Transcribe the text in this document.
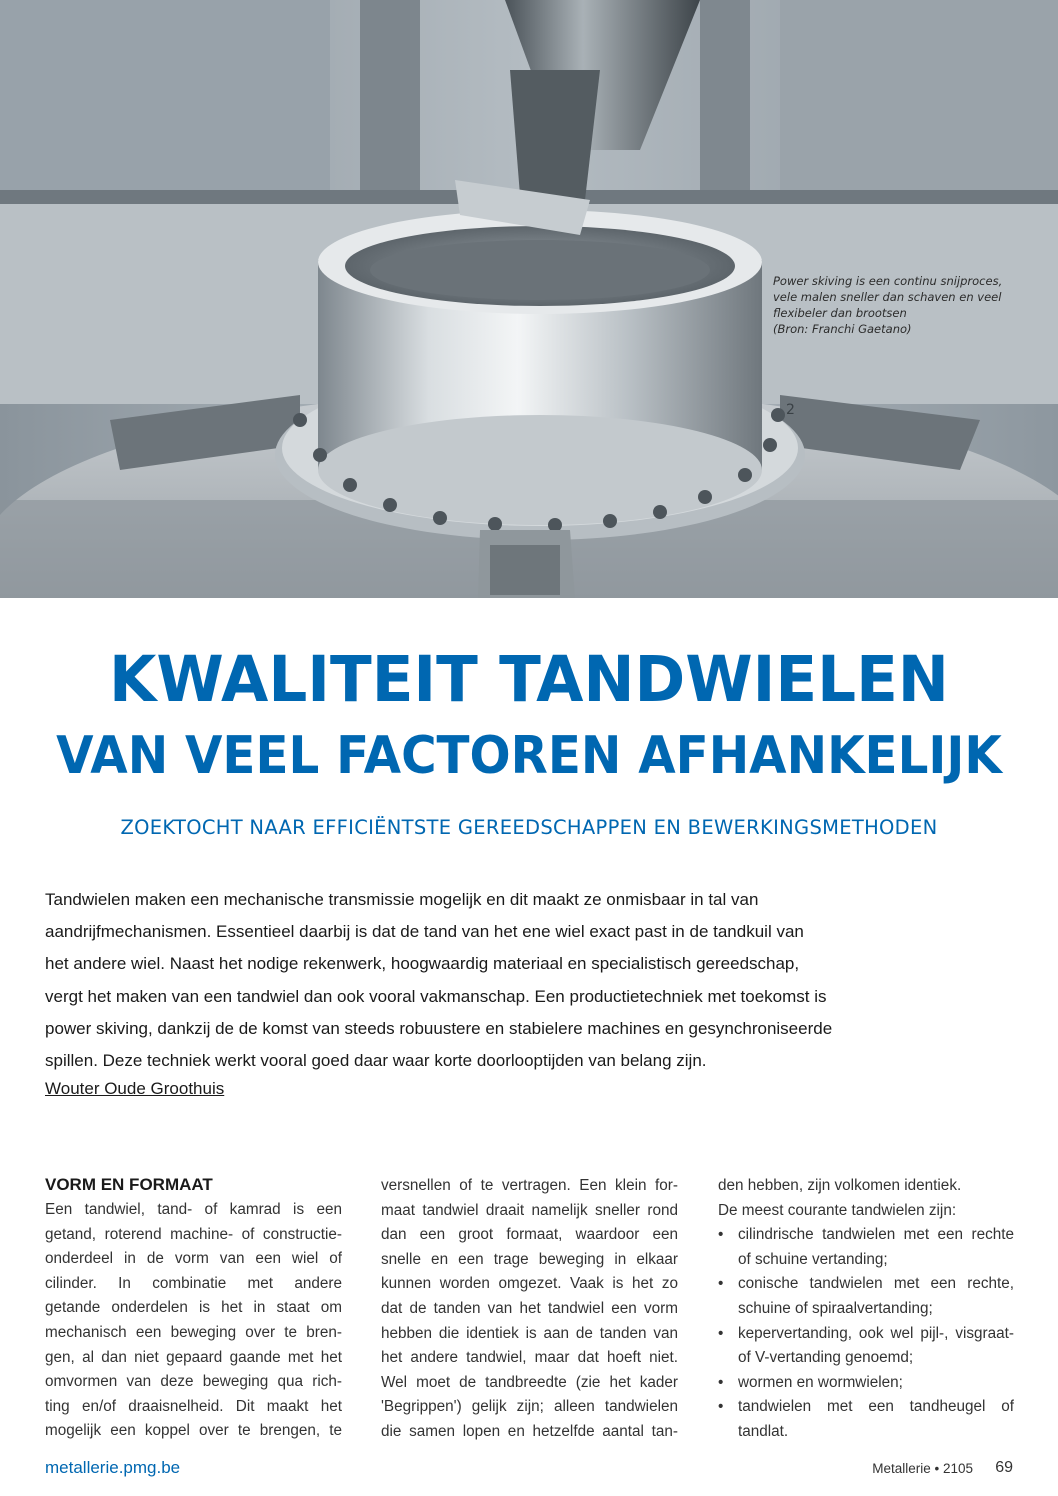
2
Power skiving is een continu snijproces,
vele malen sneller dan schaven en veel
flexibeler dan brootsen
(Bron: Franchi Gaetano)
KWALITEIT TANDWIELEN
VAN VEEL FACTOREN AFHANKELIJK
ZOEKTOCHT NAAR EFFICIËNTSTE GEREEDSCHAPPEN EN BEWERKINGSMETHODEN
Tandwielen maken een mechanische transmissie mogelijk en dit maakt ze onmisbaar in tal van
aandrijfmechanismen. Essentieel daarbij is dat de tand van het ene wiel exact past in de tandkuil van
het andere wiel. Naast het nodige rekenwerk, hoogwaardig materiaal en specialistisch gereedschap,
vergt het maken van een tandwiel dan ook vooral vakmanschap. Een productietechniek met toekomst is
power skiving, dankzij de de komst van steeds robuustere en stabielere machines en gesynchroniseerde
spillen. Deze techniek werkt vooral goed daar waar korte doorlooptijden van belang zijn.
Wouter Oude Groothuis
VORM EN FORMAAT
Een tandwiel, tand- of kamrad is een
getand, roterend machine- of constructie-
onderdeel in de vorm van een wiel of
cilinder. In combinatie met andere
getande onderdelen is het in staat om
mechanisch een beweging over te bren-
gen, al dan niet gepaard gaande met het
omvormen van deze beweging qua rich-
ting en/of draaisnelheid. Dit maakt het
mogelijk een koppel over te brengen, te
versnellen of te vertragen. Een klein for-
maat tandwiel draait namelijk sneller rond
dan een groot formaat, waardoor een
snelle en een trage beweging in elkaar
kunnen worden omgezet. Vaak is het zo
dat de tanden van het tandwiel een vorm
hebben die identiek is aan de tanden van
het andere tandwiel, maar dat hoeft niet.
Wel moet de tandbreedte (zie het kader
'Begrippen') gelijk zijn; alleen tandwielen
die samen lopen en hetzelfde aantal tan-
den hebben, zijn volkomen identiek.
De meest courante tandwielen zijn:
• cilindrische tandwielen met een rechte
of schuine vertanding;
• conische tandwielen met een rechte,
schuine of spiraalvertanding;
• kepervertanding, ook wel pijl-, visgraat-
of V-vertanding genoemd;
• wormen en wormwielen;
• tandwielen met een tandheugel of
tandlat.
metallerie.pmg.be	Metallerie • 2105 69
